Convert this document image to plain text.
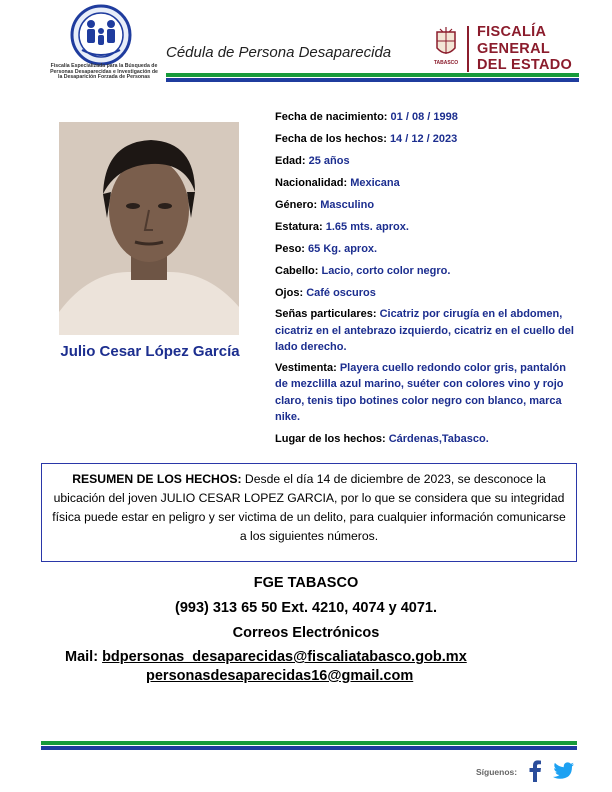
Fiscalía Especializada para la Búsqueda de Personas Desaparecidas e Investigación de la Desaparición Forzada de Personas
Cédula de Persona Desaparecida
TABASCO
FISCALÍA
GENERAL
DEL ESTADO
Julio Cesar López García
Fecha de nacimiento: 01 / 08 / 1998
Fecha de los hechos: 14 / 12 / 2023
Edad: 25 años
Nacionalidad: Mexicana
Género: Masculino
Estatura: 1.65 mts. aprox.
Peso: 65 Kg. aprox.
Cabello: Lacio, corto color negro.
Ojos: Café oscuros
Señas particulares: Cicatriz por cirugía en el abdomen, cicatriz en el antebrazo izquierdo, cicatriz en el cuello del lado derecho.
Vestimenta: Playera cuello redondo color gris, pantalón de mezclilla azul marino, suéter con colores vino y rojo claro, tenis tipo botines color negro con blanco, marca nike.
Lugar de los hechos: Cárdenas,Tabasco.
RESUMEN DE LOS HECHOS: Desde el día 14 de diciembre de 2023, se desconoce la ubicación del joven JULIO CESAR LOPEZ GARCIA, por lo que se considera que su integridad física puede estar en peligro y ser victima de un delito, para cualquier información comunicarse a los siguientes números.
FGE TABASCO
(993) 313 65 50 Ext. 4210, 4074 y 4071.
Correos Electrónicos
Mail: bdpersonas_desaparecidas@fiscaliatabasco.gob.mx
personasdesaparecidas16@gmail.com
Síguenos:
